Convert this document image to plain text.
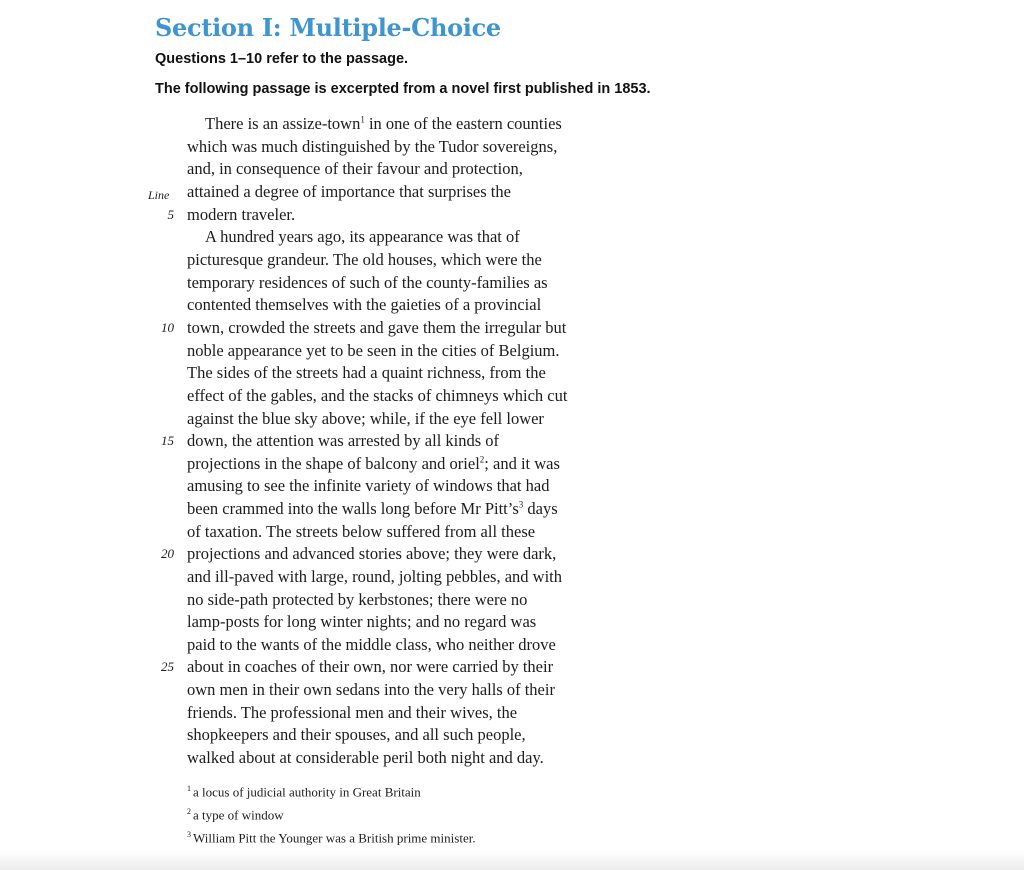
Section I: Multiple-Choice
Questions 1–10 refer to the passage.
The following passage is excerpted from a novel first published in 1853.
Line
5
10
15
20
25
There is an assize-town$^1$ in one of the eastern counties
which was much distinguished by the Tudor sovereigns,
and, in consequence of their favour and protection,
attained a degree of importance that surprises the
modern traveler.
A hundred years ago, its appearance was that of
picturesque grandeur. The old houses, which were the
temporary residences of such of the county-families as
contented themselves with the gaieties of a provincial
town, crowded the streets and gave them the irregular but
noble appearance yet to be seen in the cities of Belgium.
The sides of the streets had a quaint richness, from the
effect of the gables, and the stacks of chimneys which cut
against the blue sky above; while, if the eye fell lower
down, the attention was arrested by all kinds of
projections in the shape of balcony and oriel$^2$; and it was
amusing to see the infinite variety of windows that had
been crammed into the walls long before Mr $Pitt’s^3$ days
of taxation. The streets below suffered from all these
projections and advanced stories above; they were dark,
and ill-paved with large, round, jolting pebbles, and with
no side-path protected by kerbstones; there were no
lamp-posts for long winter nights; and no regard was
paid to the wants of the middle class, who neither drove
about in coaches of their own, nor were carried by their
own men in their own sedans into the very halls of their
friends. The professional men and their wives, the
shopkeepers and their spouses, and all such people,
walked about at considerable peril both night and day.
$^1$ a locus of judicial authority in Great Britain
$^2$ a type of window
$^3$ William Pitt the Younger was a British prime minister.
